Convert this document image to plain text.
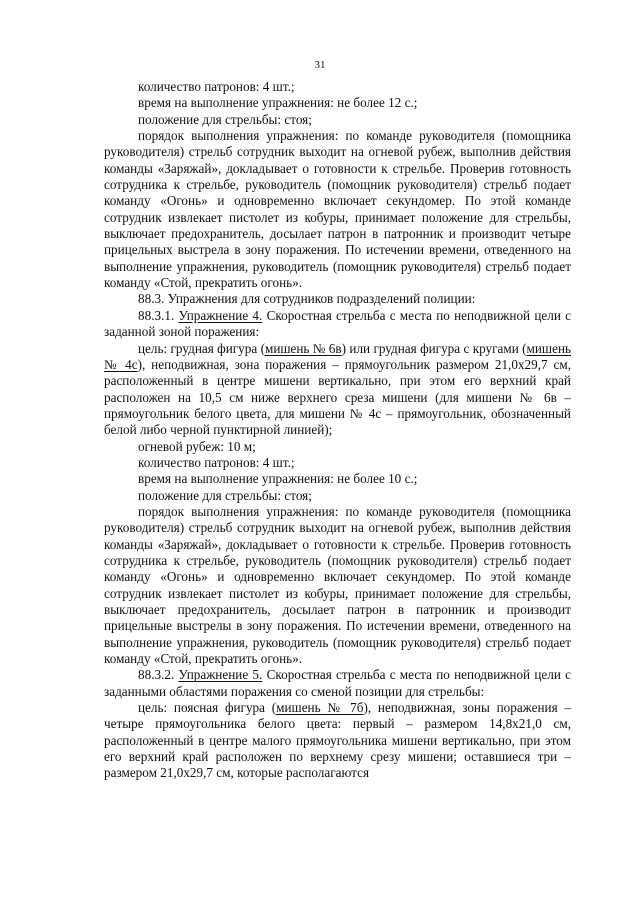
31

количество патронов: 4 шт.;

время на выполнение упражнения: не более 12 с.;

положение для стрельбы: стоя;

порядок выполнения упражнения: по команде руководителя (помощника руководителя) стрельб сотрудник выходит на огневой рубеж, выполнив действия команды «Заряжай», докладывает о готовности к стрельбе. Проверив готовность сотрудника к стрельбе, руководитель (помощник руководителя) стрельб подает команду «Огонь» и одновременно включает секундомер. По этой команде сотрудник извлекает пистолет из кобуры, принимает положение для стрельбы, выключает предохранитель, досылает патрон в патронник и производит четыре прицельных выстрела в зону поражения. По истечении времени, отведенного на выполнение упражнения, руководитель (помощник руководителя) стрельб подает команду «Стой, прекратить огонь».

88.3. Упражнения для сотрудников подразделений полиции:

88.3.1. Упражнение 4. Скоростная стрельба с места по неподвижной цели с заданной зоной поражения:

цель: грудная фигура (мишень № 6в) или грудная фигура с кругами (мишень № 4с), неподвижная, зона поражения – прямоугольник размером 21,0х29,7 см, расположенный в центре мишени вертикально, при этом его верхний край расположен на 10,5 см ниже верхнего среза мишени (для мишени № 6в – прямоугольник белого цвета, для мишени № 4с – прямоугольник, обозначенный белой либо черной пунктирной линией);

огневой рубеж: 10 м;

количество патронов: 4 шт.;

время на выполнение упражнения: не более 10 с.;

положение для стрельбы: стоя;

порядок выполнения упражнения: по команде руководителя (помощника руководителя) стрельб сотрудник выходит на огневой рубеж, выполнив действия команды «Заряжай», докладывает о готовности к стрельбе. Проверив готовность сотрудника к стрельбе, руководитель (помощник руководителя) стрельб подает команду «Огонь» и одновременно включает секундомер. По этой команде сотрудник извлекает пистолет из кобуры, принимает положение для стрельбы, выключает предохранитель, досылает патрон в патронник и производит прицельные выстрелы в зону поражения. По истечении времени, отведенного на выполнение упражнения, руководитель (помощник руководителя) стрельб подает команду «Стой, прекратить огонь».

88.3.2. Упражнение 5. Скоростная стрельба с места по неподвижной цели с заданными областями поражения со сменой позиции для стрельбы:

цель: поясная фигура (мишень № 7б), неподвижная, зоны поражения – четыре прямоугольника белого цвета: первый – размером 14,8х21,0 см, расположенный в центре малого прямоугольника мишени вертикально, при этом его верхний край расположен по верхнему срезу мишени; оставшиеся три – размером 21,0х29,7 см, которые располагаются
